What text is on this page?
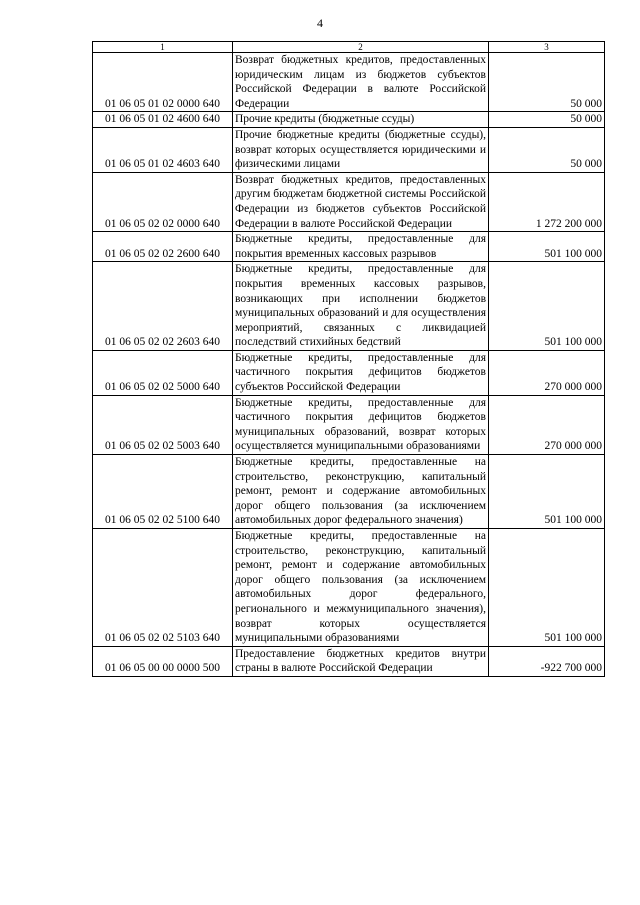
4
1	2	3
01 06 05 01 02 0000 640	Возврат бюджетных кредитов, предоставленных юридическим лицам из бюджетов субъектов Российской Федерации в валюте Российской Федерации	50 000
01 06 05 01 02 4600 640	Прочие кредиты (бюджетные ссуды)	50 000
01 06 05 01 02 4603 640	Прочие бюджетные кредиты (бюджетные ссуды), возврат которых осуществляется юридическими и физическими лицами	50 000
01 06 05 02 02 0000 640	Возврат бюджетных кредитов, предоставленных другим бюджетам бюджетной системы Российской Федерации из бюджетов субъектов Российской Федерации в валюте Российской Федерации	1 272 200 000
01 06 05 02 02 2600 640	Бюджетные кредиты, предоставленные для покрытия временных кассовых разрывов	501 100 000
01 06 05 02 02 2603 640	Бюджетные кредиты, предоставленные для покрытия временных кассовых разрывов, возникающих при исполнении бюджетов муниципальных образований и для осуществления мероприятий, связанных с ликвидацией последствий стихийных бедствий	501 100 000
01 06 05 02 02 5000 640	Бюджетные кредиты, предоставленные для частичного покрытия дефицитов бюджетов субъектов Российской Федерации	270 000 000
01 06 05 02 02 5003 640	Бюджетные кредиты, предоставленные для частичного покрытия дефицитов бюджетов муниципальных образований, возврат которых осуществляется муниципальными образованиями	270 000 000
01 06 05 02 02 5100 640	Бюджетные кредиты, предоставленные на строительство, реконструкцию, капитальный ремонт, ремонт и содержание автомобильных дорог общего пользования (за исключением автомобильных дорог федерального значения)	501 100 000
01 06 05 02 02 5103 640	Бюджетные кредиты, предоставленные на строительство, реконструкцию, капитальный ремонт, ремонт и содержание автомобильных дорог общего пользования (за исключением автомобильных дорог федерального, регионального и межмуниципального значения), возврат которых осуществляется муниципальными образованиями	501 100 000
01 06 05 00 00 0000 500	Предоставление бюджетных кредитов внутри страны в валюте Российской Федерации	-922 700 000
